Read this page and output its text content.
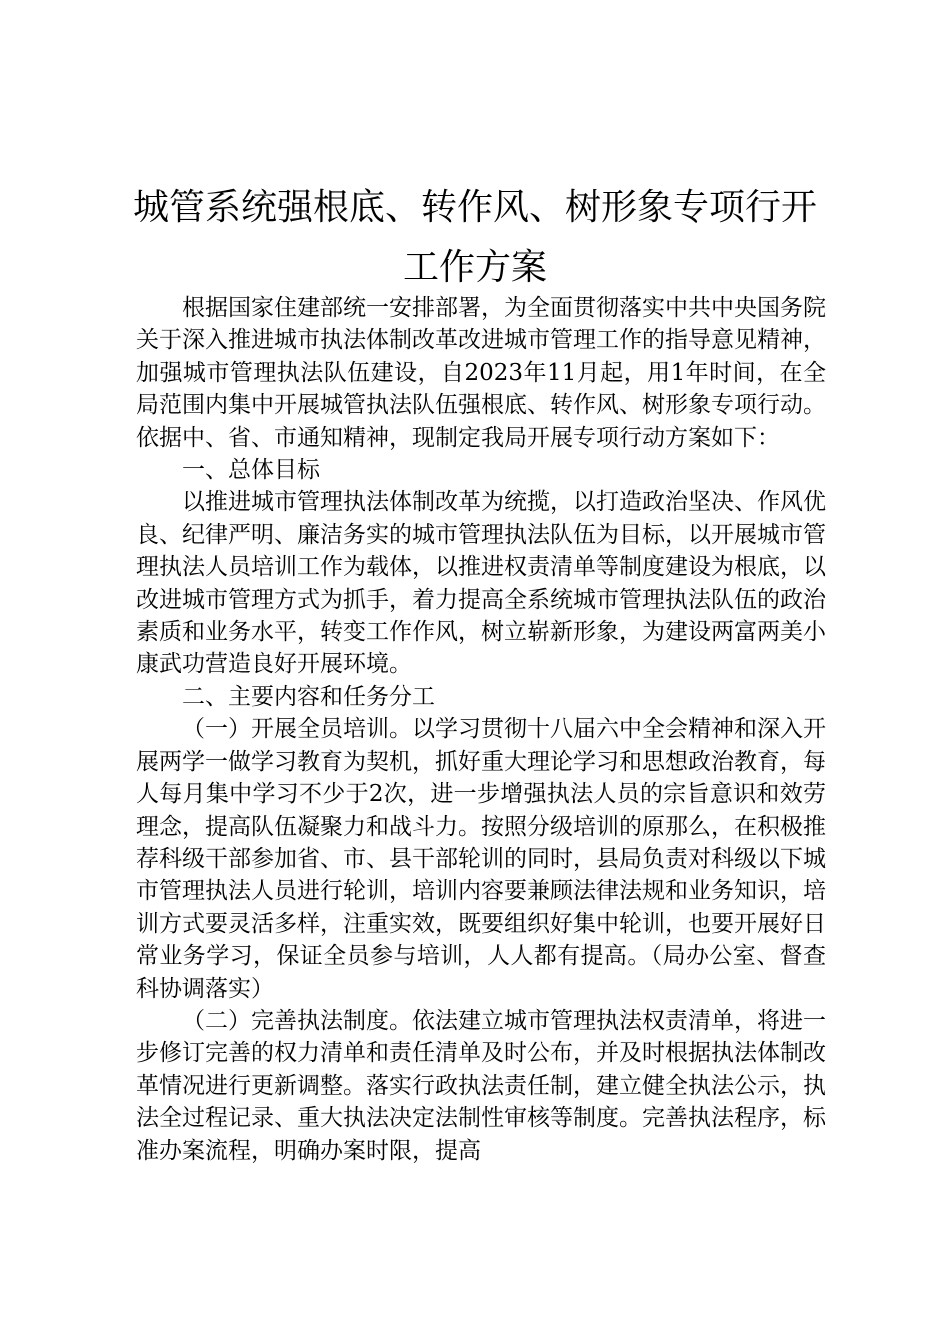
城管系统强根底、转作风、树形象专项行开
工作方案

根据国家住建部统一安排部署，为全面贯彻落实中共中央国务院关于深入推进城市执法体制改革改进城市管理工作的指导意见精神，加强城市管理执法队伍建设，自2023年11月起，用1年时间，在全局范围内集中开展城管执法队伍强根底、转作风、树形象专项行动。依据中、省、市通知精神，现制定我局开展专项行动方案如下：

一、总体目标

以推进城市管理执法体制改革为统揽，以打造政治坚决、作风优良、纪律严明、廉洁务实的城市管理执法队伍为目标，以开展城市管理执法人员培训工作为载体，以推进权责清单等制度建设为根底，以改进城市管理方式为抓手，着力提高全系统城市管理执法队伍的政治素质和业务水平，转变工作作风，树立崭新形象，为建设两富两美小康武功营造良好开展环境。

二、主要内容和任务分工

（一）开展全员培训。以学习贯彻十八届六中全会精神和深入开展两学一做学习教育为契机，抓好重大理论学习和思想政治教育，每人每月集中学习不少于2次，进一步增强执法人员的宗旨意识和效劳理念，提高队伍凝聚力和战斗力。按照分级培训的原那么，在积极推荐科级干部参加省、市、县干部轮训的同时，县局负责对科级以下城市管理执法人员进行轮训，培训内容要兼顾法律法规和业务知识，培训方式要灵活多样，注重实效，既要组织好集中轮训，也要开展好日常业务学习，保证全员参与培训，人人都有提高。（局办公室、督查科协调落实）

（二）完善执法制度。依法建立城市管理执法权责清单，将进一步修订完善的权力清单和责任清单及时公布，并及时根据执法体制改革情况进行更新调整。落实行政执法责任制，建立健全执法公示，执法全过程记录、重大执法决定法制性审核等制度。完善执法程序，标准办案流程，明确办案时限，提高
